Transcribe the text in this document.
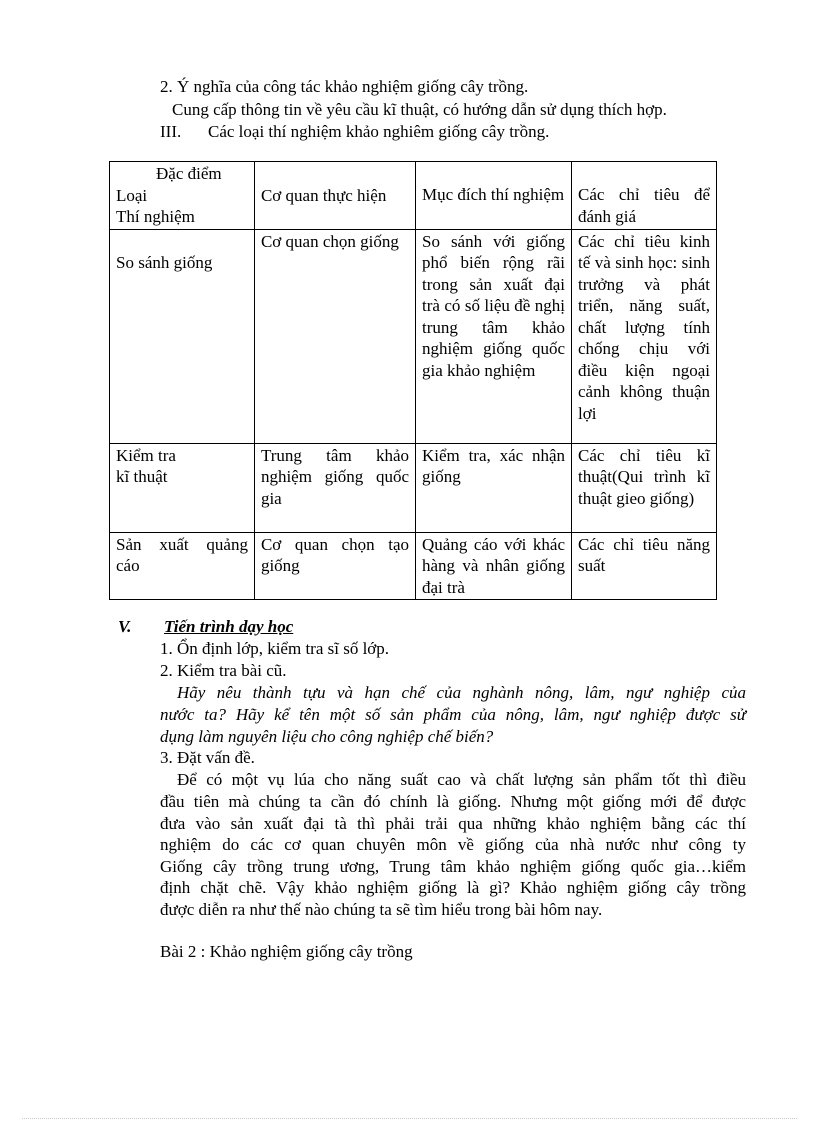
2. Ý nghĩa của công tác khảo nghiệm giống cây trồng.

Cung cấp thông tin về yêu cầu kĩ thuật, có hướng dẫn sử dụng thích hợp.

III. Các loại thí nghiệm khảo nghiêm giống cây trồng.

Đặc điểm
Loại
Thí nghiệm	Cơ quan thực hiện	Mục đích thí nghiệm	Các chỉ tiêu để đánh giá
So sánh giống	Cơ quan chọn giống	So sánh với giống phổ biến rộng rãi trong sản xuất đại trà có số liệu đề nghị trung tâm khảo nghiệm giống quốc gia khảo nghiệm	Các chỉ tiêu kinh tế và sinh học: sinh trưởng và phát triển, năng suất, chất lượng tính chống chịu với điều kiện ngoại cảnh không thuận lợi

Kiểm tra
kĩ thuật	Trung tâm khảo nghiệm giống quốc gia	Kiểm tra, xác nhận giống	Các chỉ tiêu kĩ thuật(Qui trình kĩ thuật gieo giống)
Sản xuất quảng cáo	Cơ quan chọn tạo giống	Quảng cáo với khác hàng và nhân giống đại trà	Các chỉ tiêu năng suất

V. Tiến trình dạy học

1. Ổn định lớp, kiểm tra sĩ số lớp.

2. Kiểm tra bài cũ.

Hãy nêu thành tựu và hạn chế của nghành nông, lâm, ngư nghiệp của

nước ta? Hãy kể tên một số sản phẩm của nông, lâm, ngư nghiệp được sử

dụng làm nguyên liệu cho công nghiệp chế biến?

3. Đặt vấn đề.

Để có một vụ lúa cho năng suất cao và chất lượng sản phẩm tốt thì điều

đầu tiên mà chúng ta cần đó chính là giống. Nhưng một giống mới để được

đưa vào sản xuất đại tà thì phải trải qua những khảo nghiệm bằng các thí

nghiệm do các cơ quan chuyên môn về giống của nhà nước như công ty

Giống cây trồng trung ương, Trung tâm khảo nghiệm giống quốc gia…kiểm

định chặt chẽ. Vậy khảo nghiệm giống là gì? Khảo nghiệm giống cây trồng

được diễn ra như thế nào chúng ta sẽ tìm hiểu trong bài hôm nay.

Bài 2 : Khảo nghiệm giống cây trồng
